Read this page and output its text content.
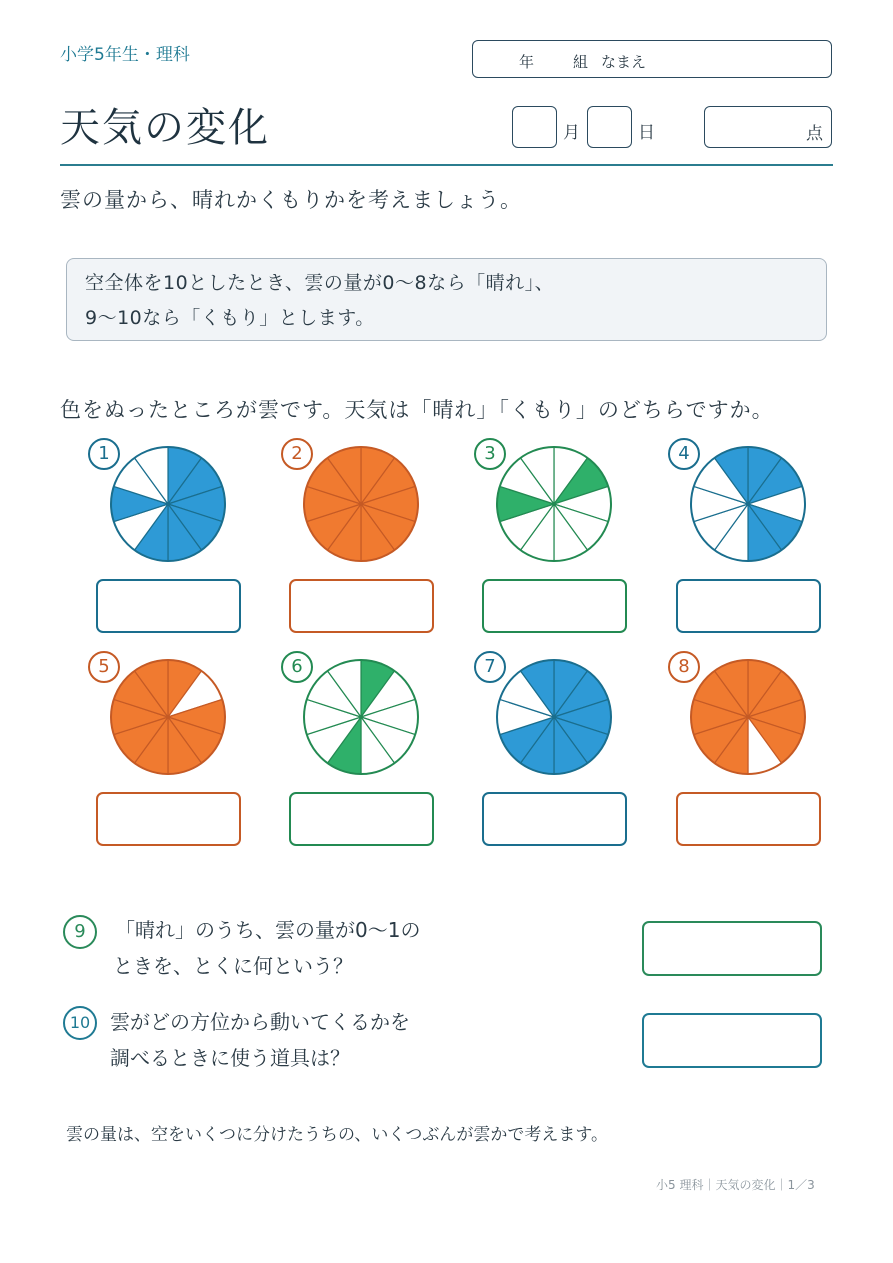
小学5年生・理科	年	組 なまえ
天気の変化	月	日	点
雲の量から、晴れかくもりかを考えましょう。
空全体を10としたとき、雲の量が0〜8なら「晴れ」、
9〜10なら「くもり」とします。
色をぬったところが雲です。天気は「晴れ」「くもり」のどちらですか。
1	2	3	4
5	6	7	8
9	「晴れ」のうち、雲の量が0〜1の
ときを、とくに何という？
10 雲がどの方位から動いてくるかを
調べるときに使う道具は？
雲の量は、空をいくつに分けたうちの、いくつぶんが雲かで考えます。
小5 理科｜天気の変化｜1／3
